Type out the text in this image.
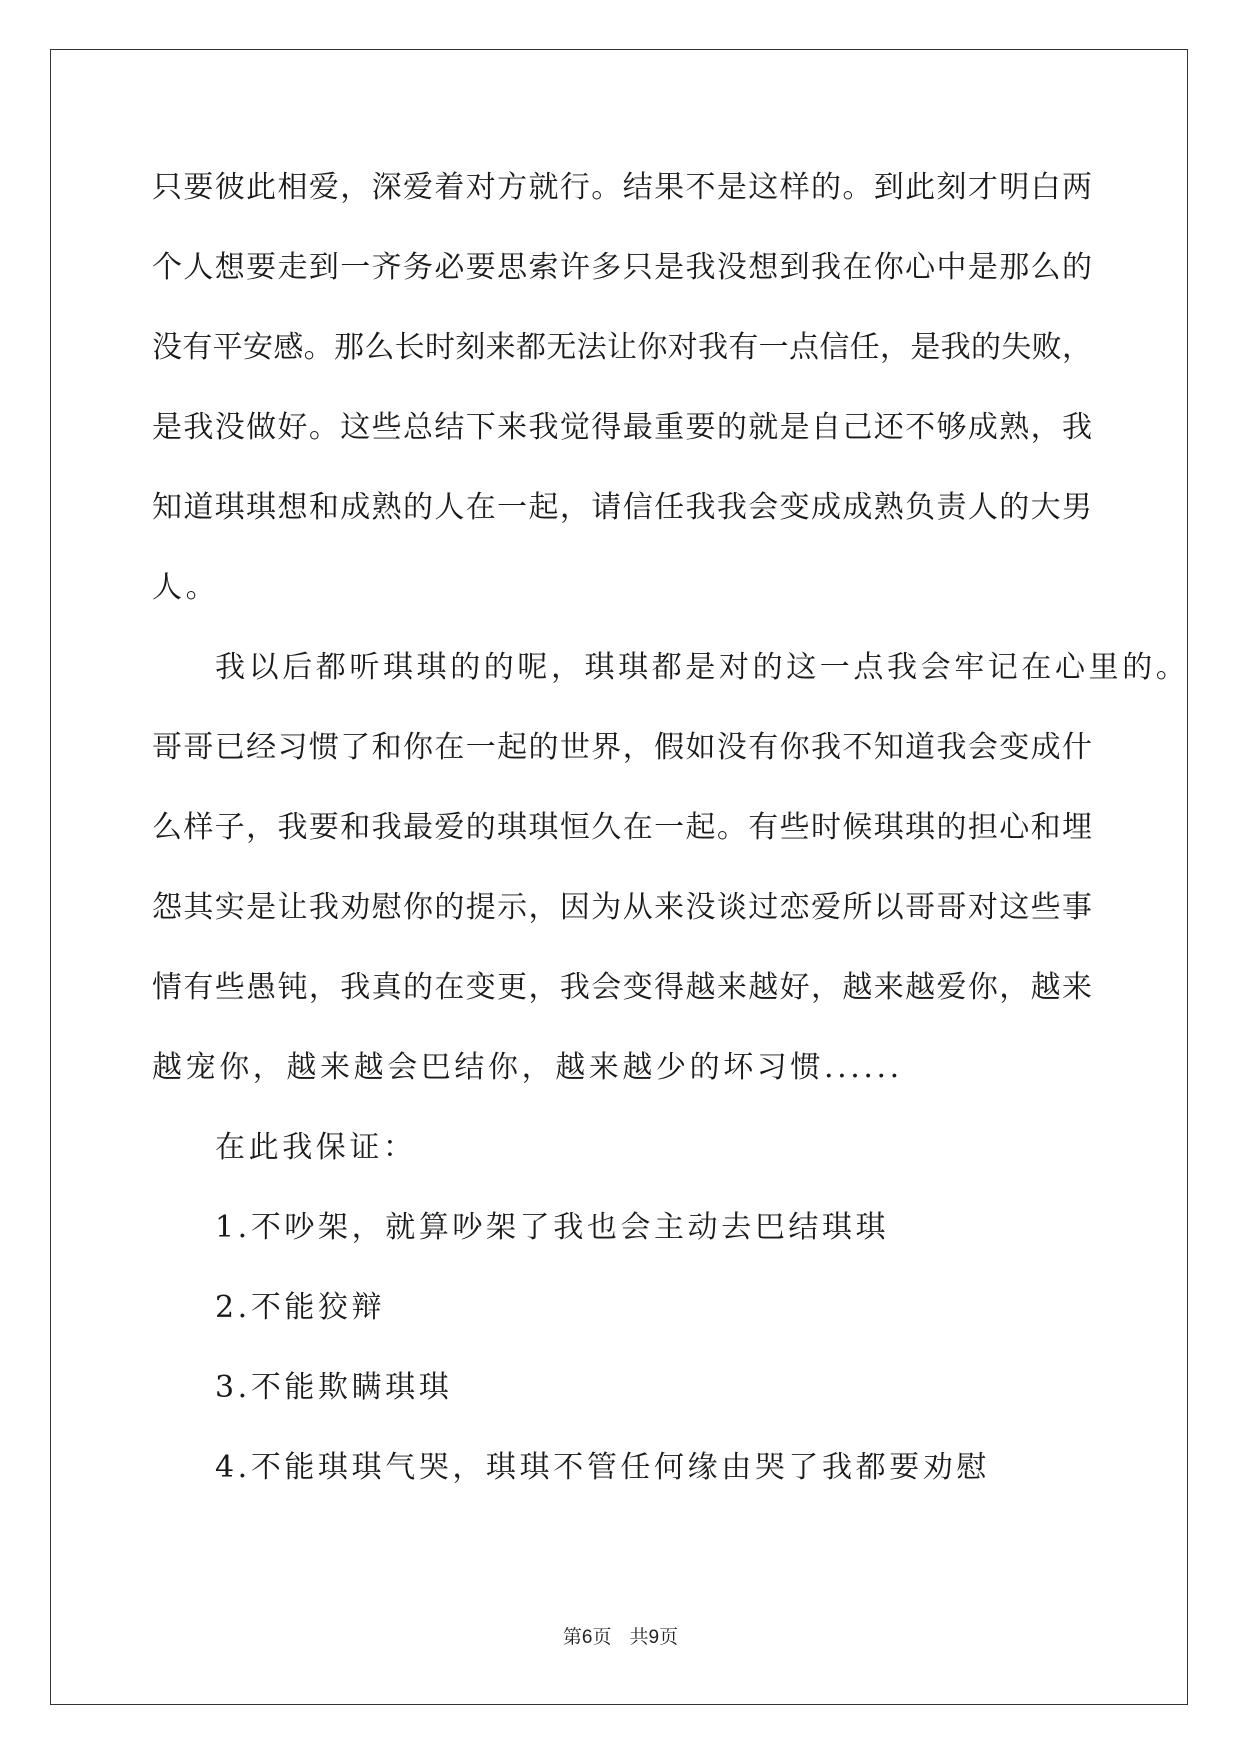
只要彼此相爱，深爱着对方就行。结果不是这样的。到此刻才明白两
个人想要走到一齐务必要思索许多只是我没想到我在你心中是那么的
没有平安感。那么长时刻来都无法让你对我有一点信任，是我的失败，
是我没做好。这些总结下来我觉得最重要的就是自己还不够成熟，我
知道琪琪想和成熟的人在一起，请信任我我会变成成熟负责人的大男
人。
我以后都听琪琪的的呢，琪琪都是对的这一点我会牢记在心里的。
哥哥已经习惯了和你在一起的世界，假如没有你我不知道我会变成什
么样子，我要和我最爱的琪琪恒久在一起。有些时候琪琪的担心和埋
怨其实是让我劝慰你的提示，因为从来没谈过恋爱所以哥哥对这些事
情有些愚钝，我真的在变更，我会变得越来越好，越来越爱你，越来
越宠你，越来越会巴结你，越来越少的坏习惯......
在此我保证：
1.不吵架，就算吵架了我也会主动去巴结琪琪
2.不能狡辩
3.不能欺瞒琪琪
4.不能琪琪气哭，琪琪不管任何缘由哭了我都要劝慰
第6页 共9页
